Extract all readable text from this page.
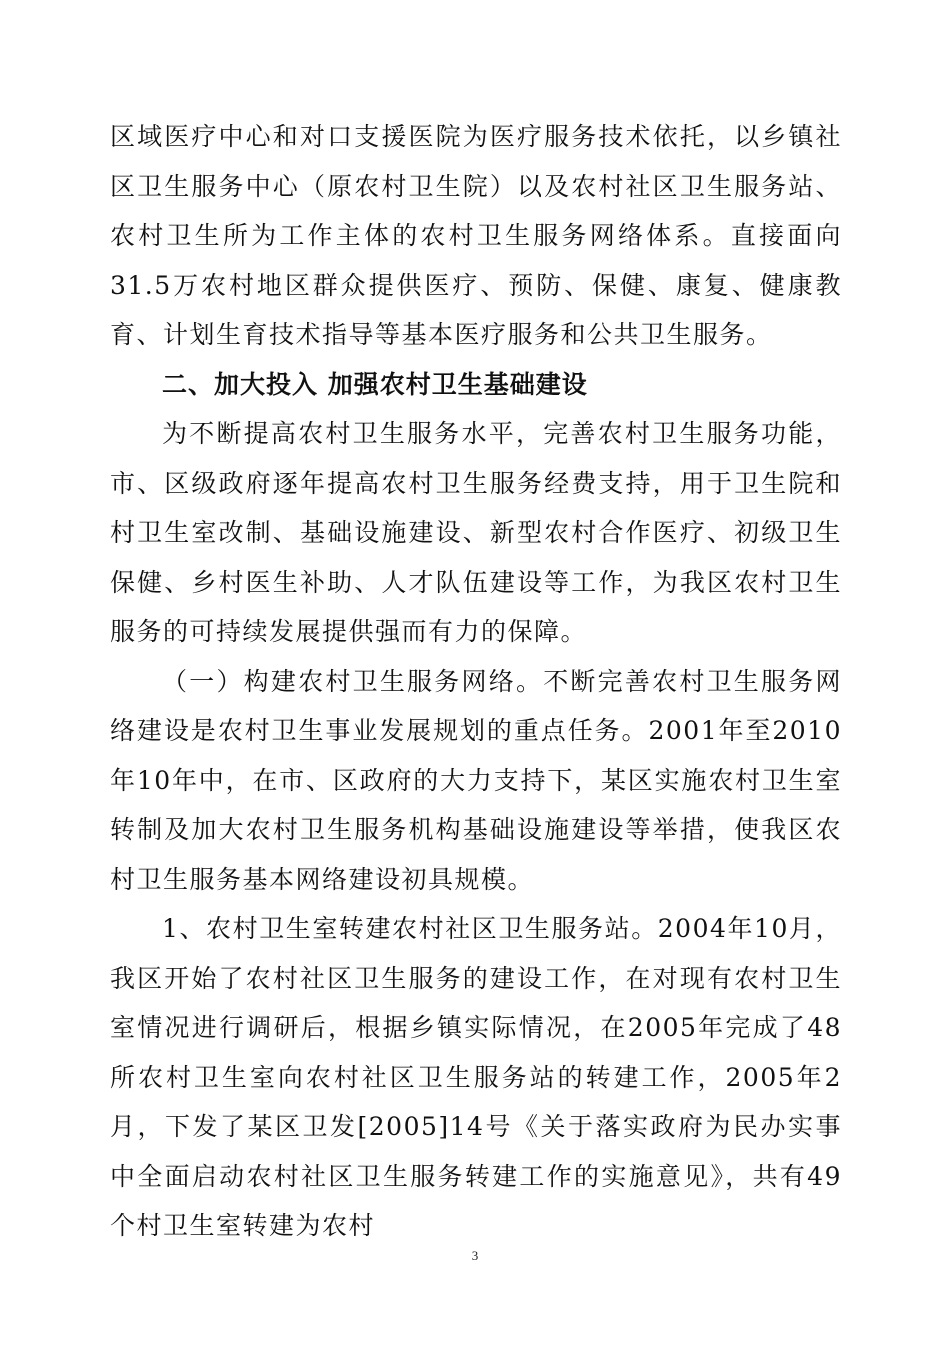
区域医疗中心和对口支援医院为医疗服务技术依托，以乡镇社区卫生服务中心（原农村卫生院）以及农村社区卫生服务站、农村卫生所为工作主体的农村卫生服务网络体系。直接面向31.5万农村地区群众提供医疗、预防、保健、康复、健康教育、计划生育技术指导等基本医疗服务和公共卫生服务。

二、加大投入 加强农村卫生基础建设

为不断提高农村卫生服务水平，完善农村卫生服务功能，市、区级政府逐年提高农村卫生服务经费支持，用于卫生院和村卫生室改制、基础设施建设、新型农村合作医疗、初级卫生保健、乡村医生补助、人才队伍建设等工作，为我区农村卫生服务的可持续发展提供强而有力的保障。

（一）构建农村卫生服务网络。不断完善农村卫生服务网络建设是农村卫生事业发展规划的重点任务。2001年至2010年10年中，在市、区政府的大力支持下，某区实施农村卫生室转制及加大农村卫生服务机构基础设施建设等举措，使我区农村卫生服务基本网络建设初具规模。

1、农村卫生室转建农村社区卫生服务站。2004年10月，我区开始了农村社区卫生服务的建设工作，在对现有农村卫生室情况进行调研后，根据乡镇实际情况，在2005年完成了48所农村卫生室向农村社区卫生服务站的转建工作，2005年2月，下发了某区卫发[2005]14号《关于落实政府为民办实事中全面启动农村社区卫生服务转建工作的实施意见》，共有49个村卫生室转建为农村

3
